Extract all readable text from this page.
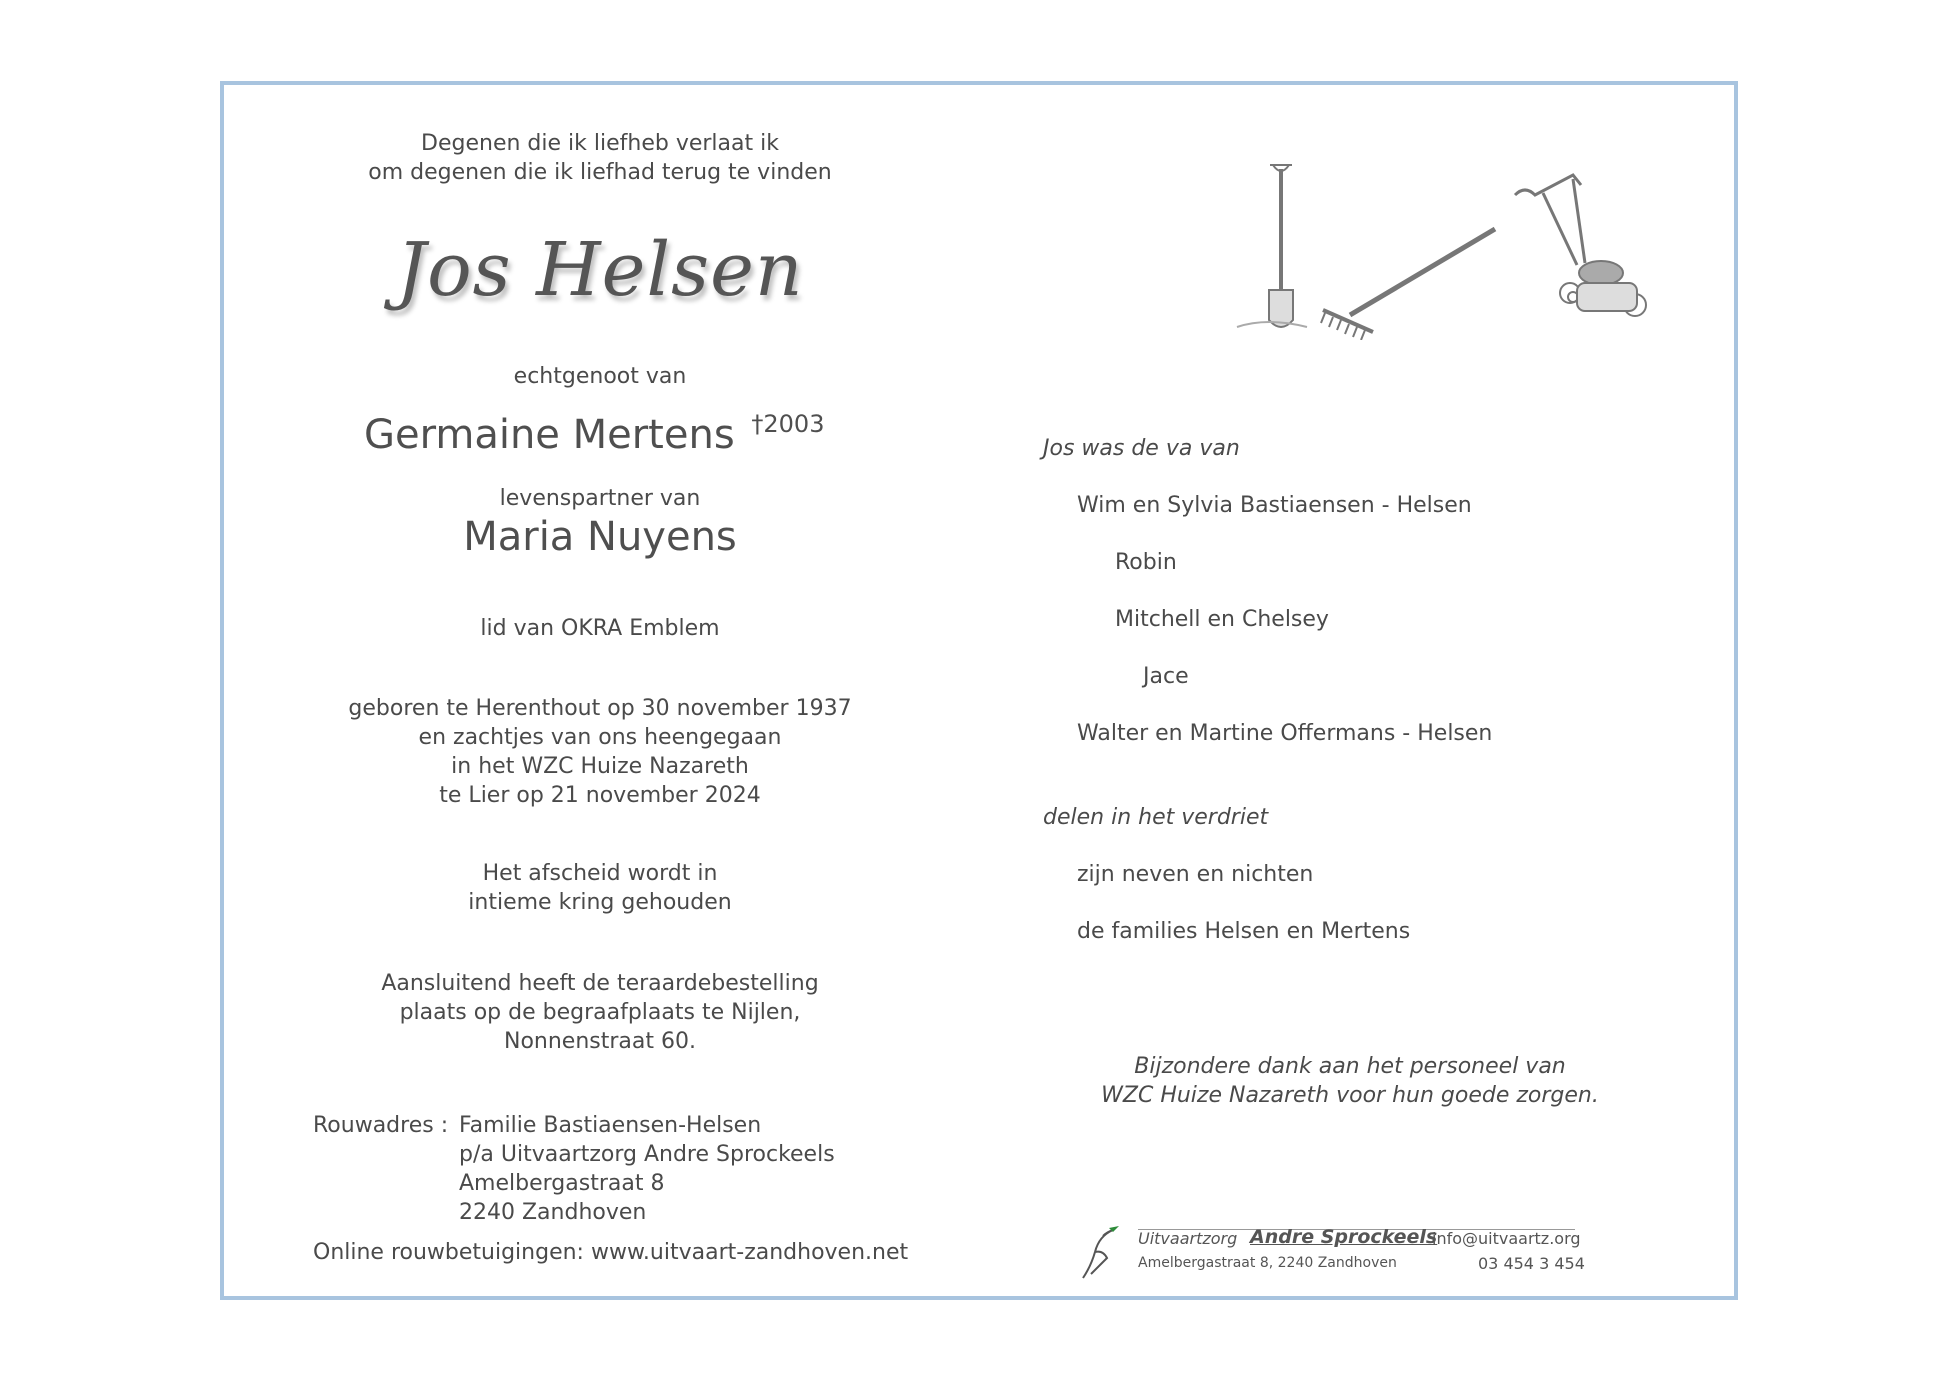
Degenen die ik liefheb verlaat ik
om degenen die ik liefhad terug te vinden
Jos Helsen
echtgenoot van
Germaine Mertens $^{\dagger 2003}$
levenspartner van
Maria Nuyens
lid van OKRA Emblem
geboren te Herenthout op 30 november 1937
en zachtjes van ons heengegaan
in het WZC Huize Nazareth
te Lier op 21 november 2024
Het afscheid wordt in
intieme kring gehouden
Aansluitend heeft de teraardebestelling
plaats op de begraafplaats te Nijlen,
Nonnenstraat 60.
Rouwadres : Familie Bastiaensen-Helsen
p/a Uitvaartzorg Andre Sprockeels
Amelbergastraat 8
2240 Zandhoven
Online rouwbetuigingen: www.uitvaart-zandhoven.net
Jos was de va van
Wim en Sylvia Bastiaensen - Helsen
Robin
Mitchell en Chelsey
Jace
Walter en Martine Offermans - Helsen
delen in het verdriet
zijn neven en nichten
de families Helsen en Mertens
Bijzondere dank aan het personeel van
WZC Huize Nazareth voor hun goede zorgen.
Uitvaartzorg Andre Sprockeels
info@uitvaartz.org
Amelbergastraat 8, 2240 Zandhoven	03 454 3 454
